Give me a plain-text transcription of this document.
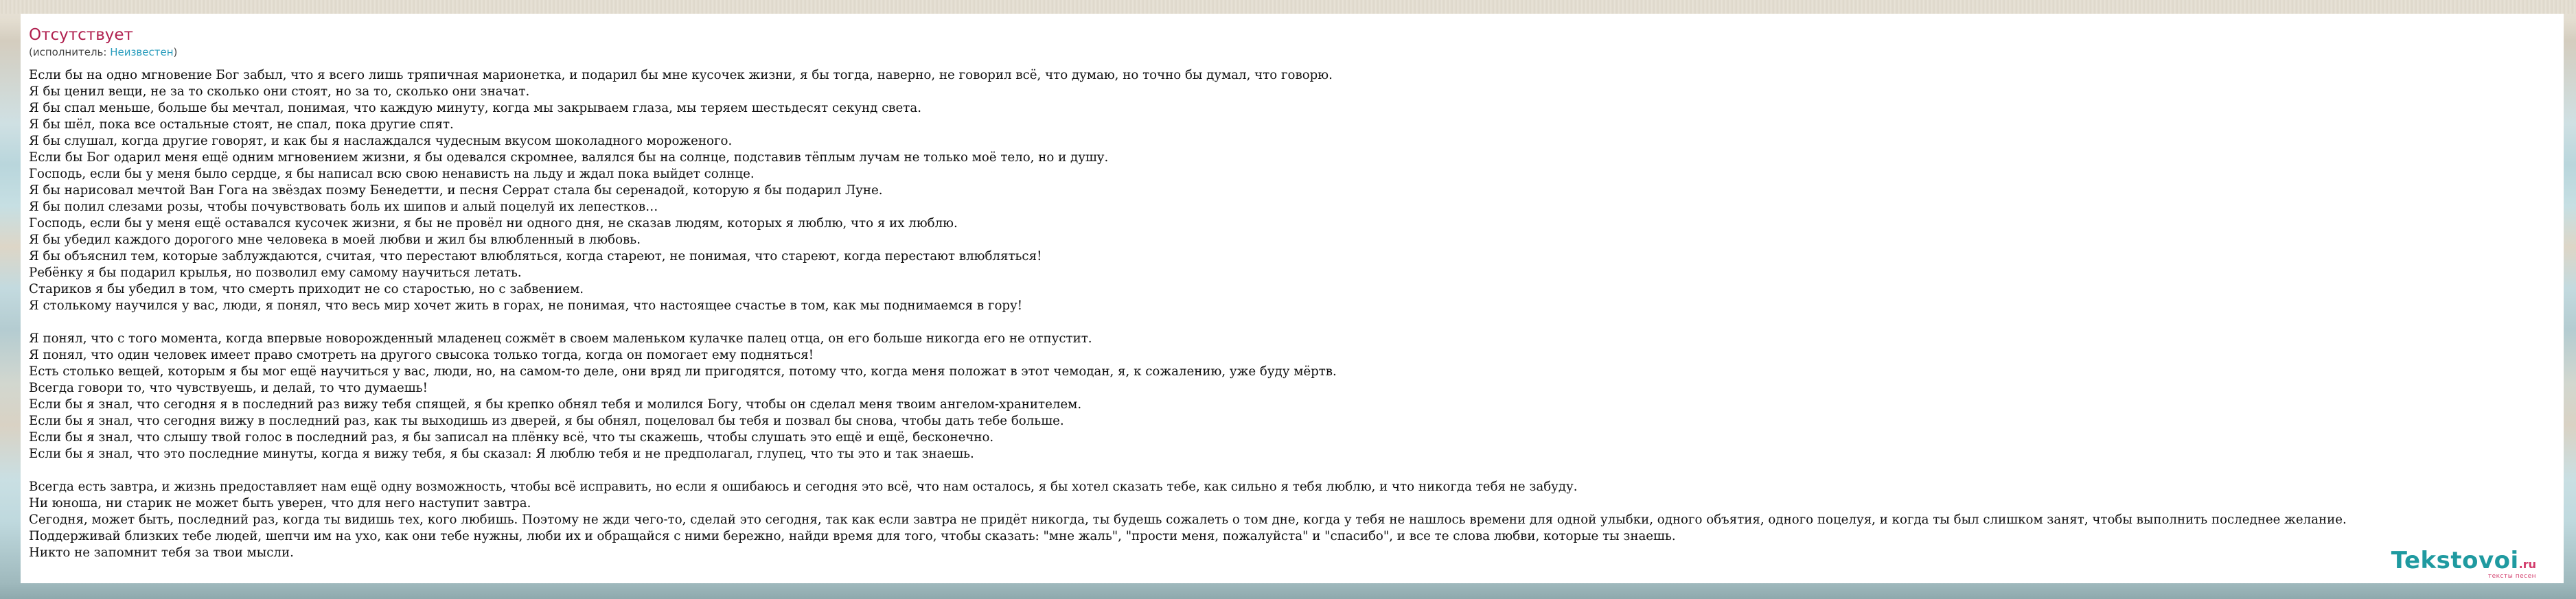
Отсутствует
(исполнитель: Неизвестен)
Если бы на одно мгновение Бог забыл, что я всего лишь тряпичная марионетка, и подарил бы мне кусочек жизни, я бы тогда, наверно, не говорил всё, что думаю, но точно бы думал, что говорю.
Я бы ценил вещи, не за то сколько они стоят, но за то, сколько они значат.
Я бы спал меньше, больше бы мечтал, понимая, что каждую минуту, когда мы закрываем глаза, мы теряем шестьдесят секунд света.
Я бы шёл, пока все остальные стоят, не спал, пока другие спят.
Я бы слушал, когда другие говорят, и как бы я наслаждался чудесным вкусом шоколадного мороженого.
Если бы Бог одарил меня ещё одним мгновением жизни, я бы одевался скромнее, валялся бы на солнце, подставив тёплым лучам не только моё тело, но и душу.
Господь, если бы у меня было сердце, я бы написал всю свою ненависть на льду и ждал пока выйдет солнце.
Я бы нарисовал мечтой Ван Гога на звёздах поэму Бенедетти, и песня Серрат стала бы серенадой, которую я бы подарил Луне.
Я бы полил слезами розы, чтобы почувствовать боль их шипов и алый поцелуй их лепестков…
Господь, если бы у меня ещё оставался кусочек жизни, я бы не провёл ни одного дня, не сказав людям, которых я люблю, что я их люблю.
Я бы убедил каждого дорогого мне человека в моей любви и жил бы влюбленный в любовь.
Я бы объяснил тем, которые заблуждаются, считая, что перестают влюбляться, когда стареют, не понимая, что стареют, когда перестают влюбляться!
Ребёнку я бы подарил крылья, но позволил ему самому научиться летать.
Стариков я бы убедил в том, что смерть приходит не со старостью, но с забвением.
Я столькому научился у вас, люди, я понял, что весь мир хочет жить в горах, не понимая, что настоящее счастье в том, как мы поднимаемся в гору!
Я понял, что с того момента, когда впервые новорожденный младенец сожмёт в своем маленьком кулачке палец отца, он его больше никогда его не отпустит.
Я понял, что один человек имеет право смотреть на другого свысока только тогда, когда он помогает ему подняться!
Есть столько вещей, которым я бы мог ещё научиться у вас, люди, но, на самом-то деле, они вряд ли пригодятся, потому что, когда меня положат в этот чемодан, я, к сожалению, уже буду мёртв.
Всегда говори то, что чувствуешь, и делай, то что думаешь!
Если бы я знал, что сегодня я в последний раз вижу тебя спящей, я бы крепко обнял тебя и молился Богу, чтобы он сделал меня твоим ангелом-хранителем.
Если бы я знал, что сегодня вижу в последний раз, как ты выходишь из дверей, я бы обнял, поцеловал бы тебя и позвал бы снова, чтобы дать тебе больше.
Если бы я знал, что слышу твой голос в последний раз, я бы записал на плёнку всё, что ты скажешь, чтобы слушать это ещё и ещё, бесконечно.
Если бы я знал, что это последние минуты, когда я вижу тебя, я бы сказал: Я люблю тебя и не предполагал, глупец, что ты это и так знаешь.
Всегда есть завтра, и жизнь предоставляет нам ещё одну возможность, чтобы всё исправить, но если я ошибаюсь и сегодня это всё, что нам осталось, я бы хотел сказать тебе, как сильно я тебя люблю, и что никогда тебя не забуду.
Ни юноша, ни старик не может быть уверен, что для него наступит завтра.
Сегодня, может быть, последний раз, когда ты видишь тех, кого любишь. Поэтому не жди чего-то, сделай это сегодня, так как если завтра не придёт никогда, ты будешь сожалеть о том дне, когда у тебя не нашлось времени для одной улыбки, одного объятия, одного поцелуя, и когда ты был слишком занят, чтобы выполнить последнее желание.
Поддерживай близких тебе людей, шепчи им на ухо, как они тебе нужны, люби их и обращайся с ними бережно, найди время для того, чтобы сказать: "мне жаль", "прости меня, пожалуйста" и "спасибо", и все те слова любви, которые ты знаешь.
Никто не запомнит тебя за твои мысли.	Tekstovoi.ru
тексты песен
